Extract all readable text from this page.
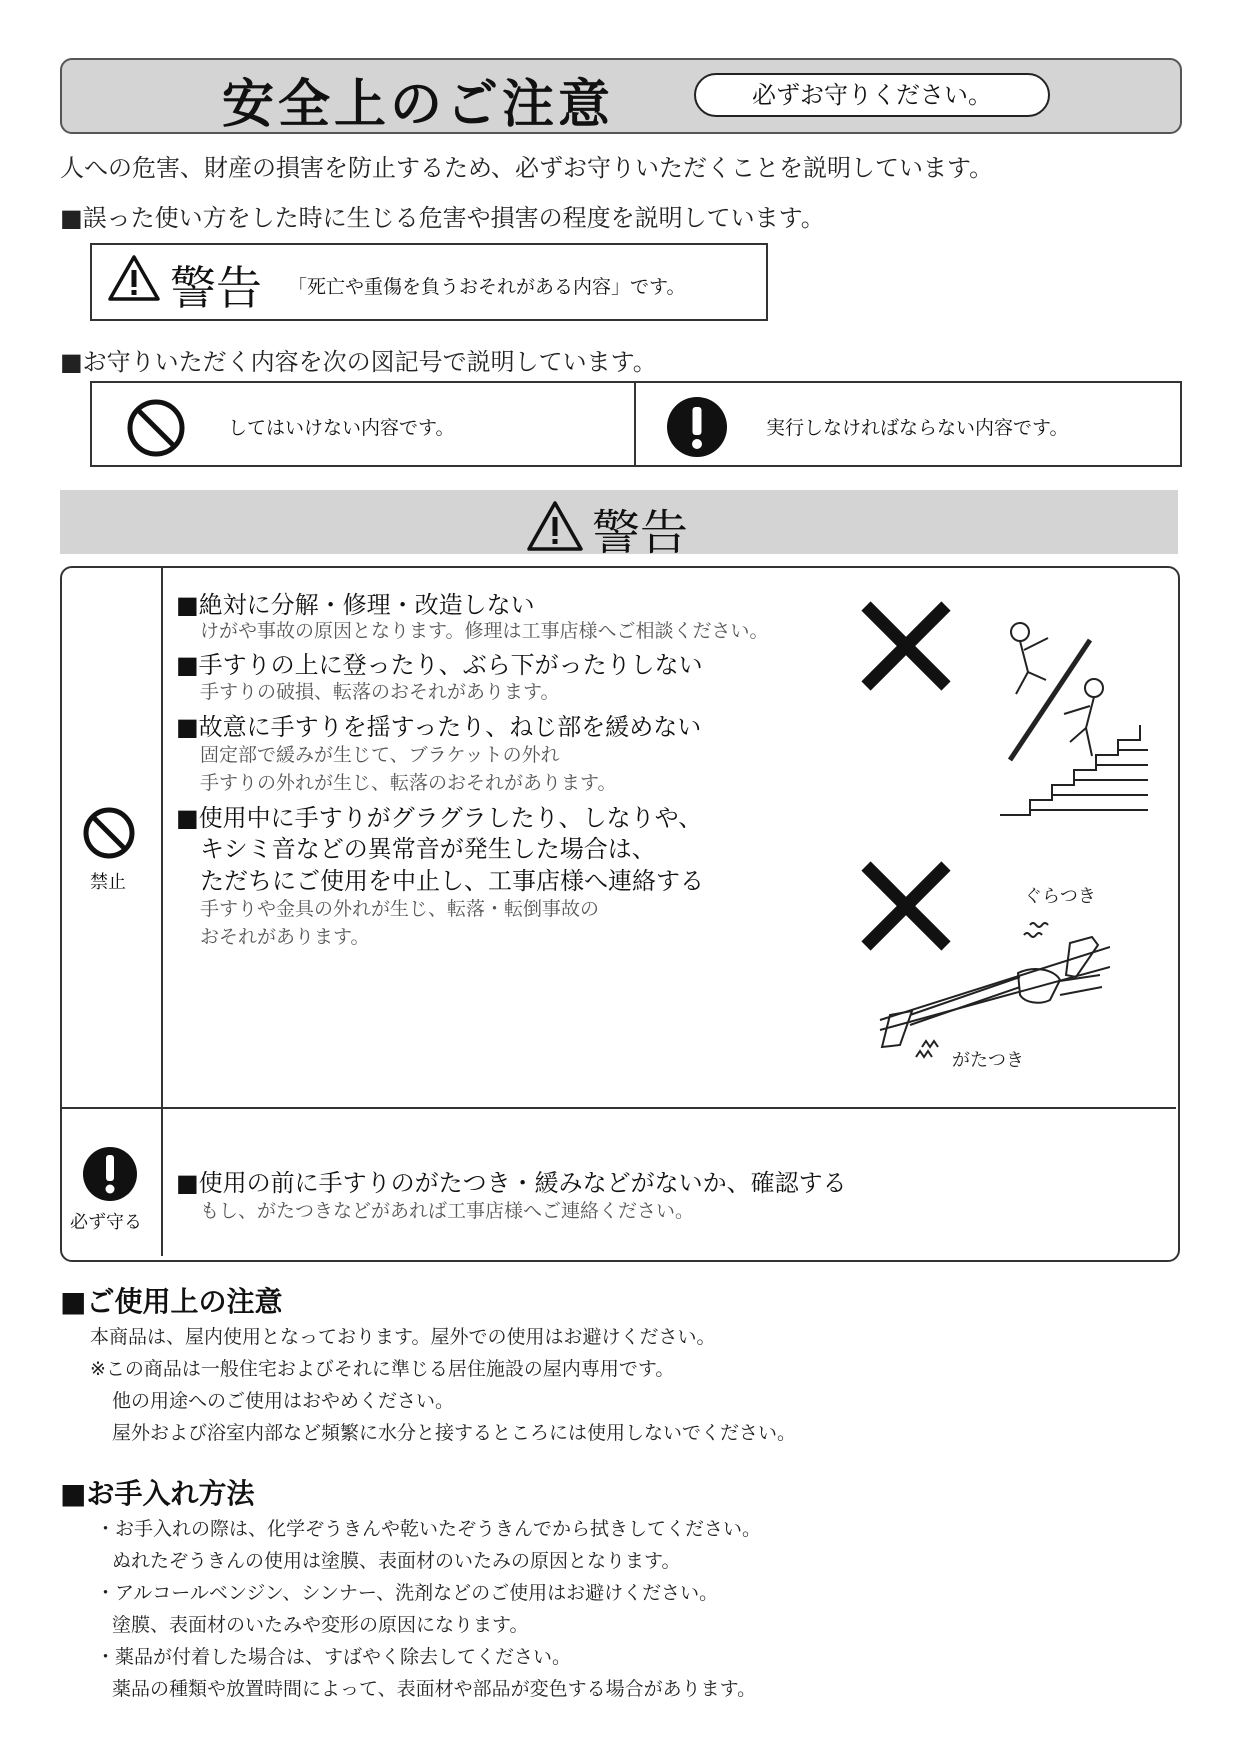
安全上のご注意	必ずお守りください。
人への危害、財産の損害を防止するため、必ずお守りいただくことを説明しています。
■誤った使い方をした時に生じる危害や損害の程度を説明しています。
警告 「死亡や重傷を負うおそれがある内容」です。
■お守りいただく内容を次の図記号で説明しています。
してはいけない内容です。	実行しなければならない内容です。
警告
禁止
■絶対に分解・修理・改造しない
けがや事故の原因となります。修理は工事店様へご相談ください。
■手すりの上に登ったり、ぶら下がったりしない
手すりの破損、転落のおそれがあります。
■故意に手すりを揺すったり、ねじ部を緩めない
固定部で緩みが生じて、ブラケットの外れ
手すりの外れが生じ、転落のおそれがあります。
■使用中に手すりがグラグラしたり、しなりや、
キシミ音などの異常音が発生した場合は、
ただちにご使用を中止し、工事店様へ連絡する
手すりや金具の外れが生じ、転落・転倒事故の
おそれがあります。
ぐらつき
がたつき
必ず守る
■使用の前に手すりのがたつき・緩みなどがないか、確認する
もし、がたつきなどがあれば工事店様へご連絡ください。
■ご使用上の注意
本商品は、屋内使用となっております。屋外での使用はお避けください。
※この商品は一般住宅およびそれに準じる居住施設の屋内専用です。
他の用途へのご使用はおやめください。
屋外および浴室内部など頻繁に水分と接するところには使用しないでください。
■お手入れ方法
・お手入れの際は、化学ぞうきんや乾いたぞうきんでから拭きしてください。
ぬれたぞうきんの使用は塗膜、表面材のいたみの原因となります。
・アルコールベンジン、シンナー、洗剤などのご使用はお避けください。
塗膜、表面材のいたみや変形の原因になります。
・薬品が付着した場合は、すばやく除去してください。
薬品の種類や放置時間によって、表面材や部品が変色する場合があります。
